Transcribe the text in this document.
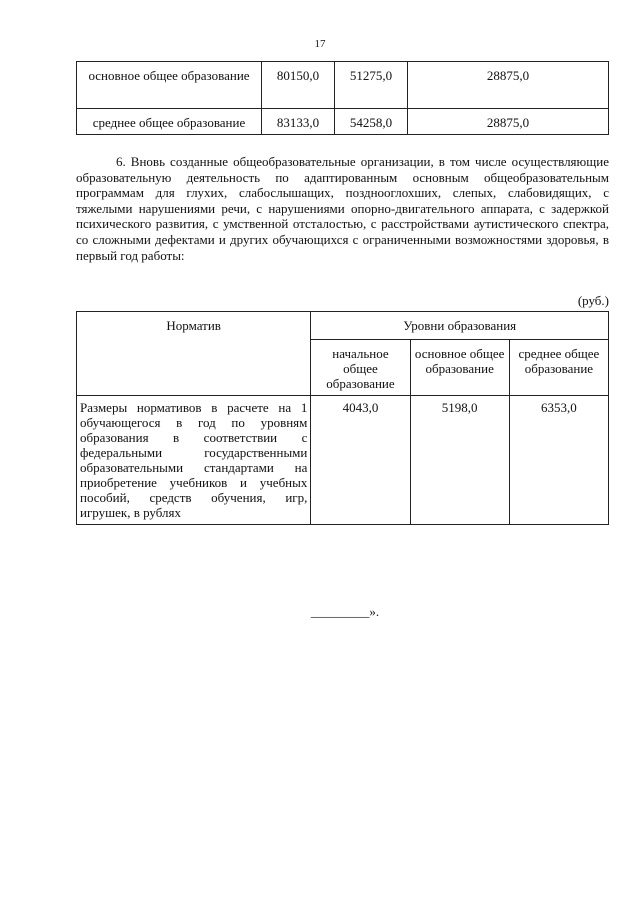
17
основное общее образование	80150,0	51275,0	28875,0
среднее общее образование	83133,0	54258,0	28875,0

6. Вновь созданные общеобразовательные организации, в том числе осуществляющие образовательную деятельность по адаптированным основным общеобразовательным программам для глухих, слабослышащих, позднооглохших, слепых, слабовидящих, с тяжелыми нарушениями речи, с нарушениями опорно-двигательного аппарата, с задержкой психического развития, с умственной отсталостью, с расстройствами аутистического спектра, со сложными дефектами и других обучающихся с ограниченными возможностями здоровья, в первый год работы:

(руб.)
Норматив	Уровни образования		
	начальное общее образование	основное общее образование	среднее общее образование
Размеры нормативов в расчете на 1 обучающегося в год по уровням образования в соответствии с федеральными государственными образовательными стандартами на приобретение учебников и учебных пособий, средств обучения, игр, игрушек, в рублях	4043,0	5198,0	6353,0
_________».
